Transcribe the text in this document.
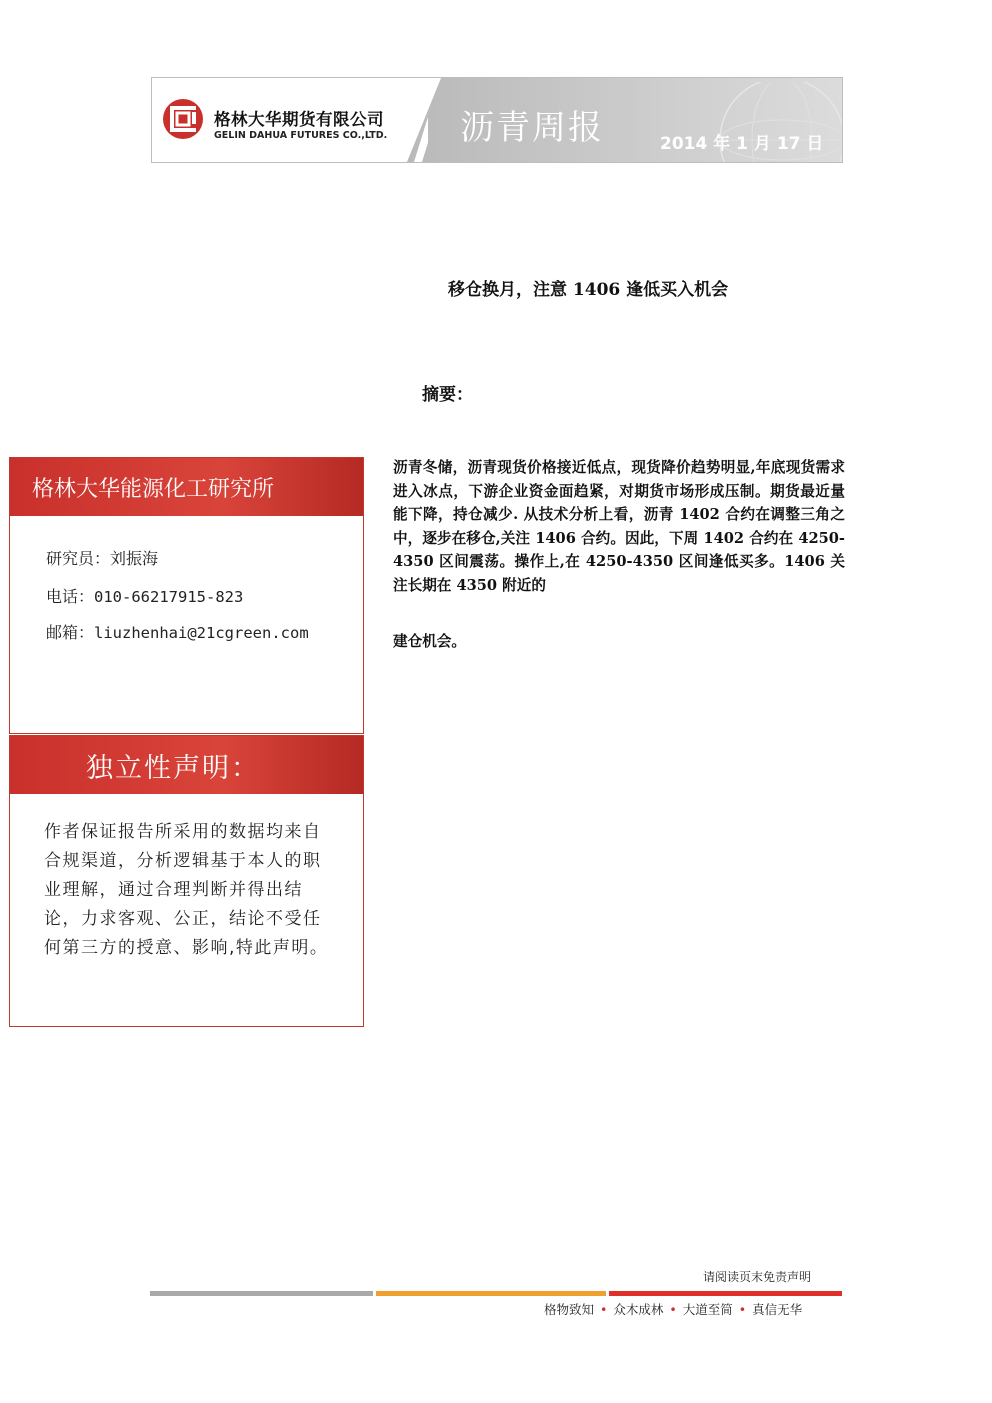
格林大华期货有限公司
GELIN DAHUA FUTURES CO.,LTD. 沥青周报	2014 年 1 月 17 日
移仓换月，注意 1406 逢低买入机会
摘要：
沥青冬储，沥青现货价格接近低点，现货降价趋势明显,年底现货需求进入冰点，下游企业资金面趋紧，对期货市场形成压制。期货最近量能下降，持仓减少. 从技术分析上看，沥青 1402 合约在调整三角之中，逐步在移仓,关注 1406 合约。因此，下周 1402 合约在 4250-4350 区间震荡。操作上,在 4250-4350 区间逢低买多。1406 关注长期在 4350 附近的
建仓机会。
格林大华能源化工研究所
研究员：刘振海
电话：010-66217915-823
邮箱：liuzhenhai@21cgreen.com
独立性声明：
作者保证报告所采用的数据均来自合规渠道，分析逻辑基于本人的职业理解，通过合理判断并得出结论，力求客观、公正，结论不受任何第三方的授意、影响,特此声明。
请阅读页末免责声明
格物致知 • 众木成林 • 大道至简 • 真信无华
